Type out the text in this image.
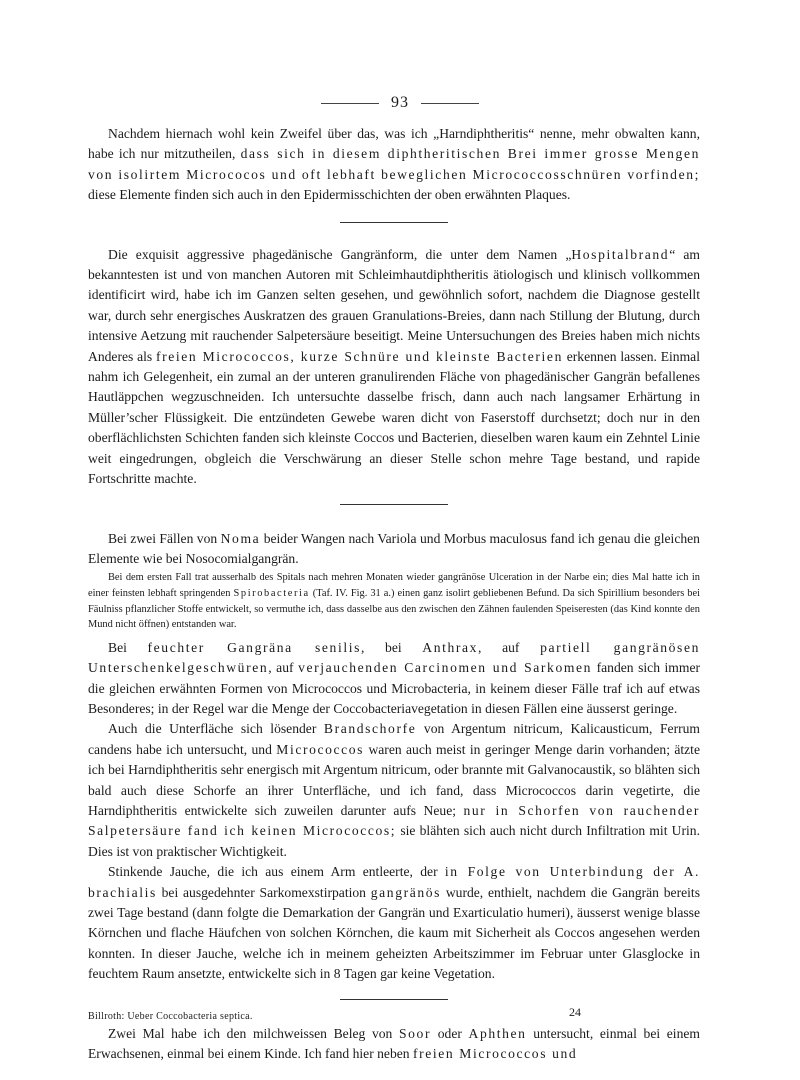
93

Nachdem hiernach wohl kein Zweifel über das, was ich „Harndiphtheritis“ nenne, mehr obwalten kann, habe ich nur mitzutheilen, dass sich in diesem diphtheritischen Brei immer grosse Mengen von isolirtem Micrococos und oft lebhaft beweglichen Micrococcosschnüren vorfinden; diese Elemente finden sich auch in den Epidermisschichten der oben erwähnten Plaques.

Die exquisit aggressive phagedänische Gangränform, die unter dem Namen „Hospitalbrand“ am bekanntesten ist und von manchen Autoren mit Schleimhautdiphtheritis ätiologisch und klinisch vollkommen identificirt wird, habe ich im Ganzen selten gesehen, und gewöhnlich sofort, nachdem die Diagnose gestellt war, durch sehr energisches Auskratzen des grauen Granulations-Breies, dann nach Stillung der Blutung, durch intensive Aetzung mit rauchender Salpetersäure beseitigt. Meine Untersuchungen des Breies haben mich nichts Anderes als freien Micrococcos, kurze Schnüre und kleinste Bacterien erkennen lassen. Einmal nahm ich Gelegenheit, ein zumal an der unteren granulirenden Fläche von phagedänischer Gangrän befallenes Hautläppchen wegzuschneiden. Ich untersuchte dasselbe frisch, dann auch nach langsamer Erhärtung in Müller’scher Flüssigkeit. Die entzündeten Gewebe waren dicht von Faserstoff durchsetzt; doch nur in den oberflächlichsten Schichten fanden sich kleinste Coccos und Bacterien, dieselben waren kaum ein Zehntel Linie weit eingedrungen, obgleich die Verschwärung an dieser Stelle schon mehre Tage bestand, und rapide Fortschritte machte.

Bei zwei Fällen von Noma beider Wangen nach Variola und Morbus maculosus fand ich genau die gleichen Elemente wie bei Nosocomialgangrän.

Bei dem ersten Fall trat ausserhalb des Spitals nach mehren Monaten wieder gangränöse Ulceration in der Narbe ein; dies Mal hatte ich in einer feinsten lebhaft springenden Spirobacteria (Taf. IV. Fig. 31 a.) einen ganz isolirt gebliebenen Befund. Da sich Spirillium besonders bei Fäulniss pflanzlicher Stoffe entwickelt, so vermuthe ich, dass dasselbe aus den zwischen den Zähnen faulenden Speiseresten (das Kind konnte den Mund nicht öffnen) entstanden war.

Bei feuchter Gangräna senilis, bei Anthrax, auf partiell gangränösen Unterschenkelgeschwüren, auf verjauchenden Carcinomen und Sarkomen fanden sich immer die gleichen erwähnten Formen von Micrococcos und Microbacteria, in keinem dieser Fälle traf ich auf etwas Besonderes; in der Regel war die Menge der Coccobacteriavegetation in diesen Fällen eine äusserst geringe.

Auch die Unterfläche sich lösender Brandschorfe von Argentum nitricum, Kalicausticum, Ferrum candens habe ich untersucht, und Micrococcos waren auch meist in geringer Menge darin vorhanden; ätzte ich bei Harndiphtheritis sehr energisch mit Argentum nitricum, oder brannte mit Galvanocaustik, so blähten sich bald auch diese Schorfe an ihrer Unterfläche, und ich fand, dass Micrococcos darin vegetirte, die Harndiphtheritis entwickelte sich zuweilen darunter aufs Neue; nur in Schorfen von rauchender Salpetersäure fand ich keinen Micrococcos; sie blähten sich auch nicht durch Infiltration mit Urin. Dies ist von praktischer Wichtigkeit.

Stinkende Jauche, die ich aus einem Arm entleerte, der in Folge von Unterbindung der A. brachialis bei ausgedehnter Sarkomexstirpation gangränös wurde, enthielt, nachdem die Gangrän bereits zwei Tage bestand (dann folgte die Demarkation der Gangrän und Exarticulatio humeri), äusserst wenige blasse Körnchen und flache Häufchen von solchen Körnchen, die kaum mit Sicherheit als Coccos angesehen werden konnten. In dieser Jauche, welche ich in meinem geheizten Arbeitszimmer im Februar unter Glasglocke in feuchtem Raum ansetzte, entwickelte sich in 8 Tagen gar keine Vegetation.

Zwei Mal habe ich den milchweissen Beleg von Soor oder Aphthen untersucht, einmal bei einem Erwachsenen, einmal bei einem Kinde. Ich fand hier neben freien Micrococcos und

Billroth: Ueber Coccobacteria septica.	24
